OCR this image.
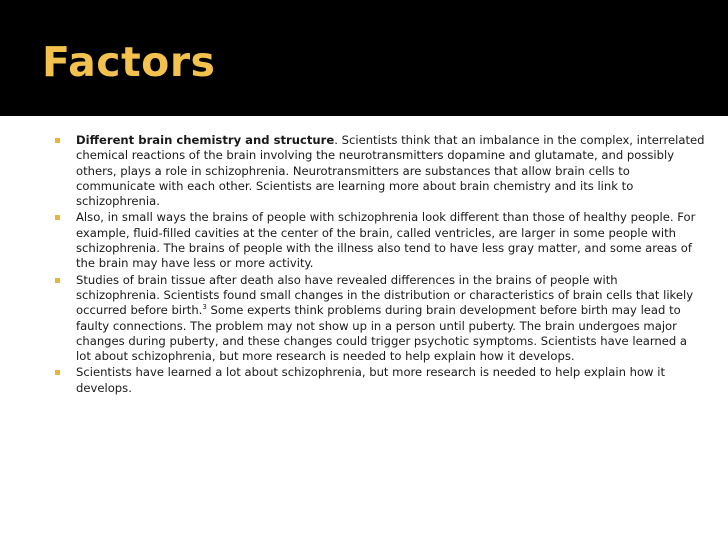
Factors
Different brain chemistry and structure. Scientists think that an imbalance in the complex, interrelated chemical reactions of the brain involving the neurotransmitters dopamine and glutamate, and possibly others, plays a role in schizophrenia. Neurotransmitters are substances that allow brain cells to communicate with each other. Scientists are learning more about brain chemistry and its link to schizophrenia.
Also, in small ways the brains of people with schizophrenia look different than those of healthy people. For example, fluid-filled cavities at the center of the brain, called ventricles, are larger in some people with schizophrenia. The brains of people with the illness also tend to have less gray matter, and some areas of the brain may have less or more activity.
Studies of brain tissue after death also have revealed differences in the brains of people with schizophrenia. Scientists found small changes in the distribution or characteristics of brain cells that likely occurred before birth.$^3$ Some experts think problems during brain development before birth may lead to faulty connections. The problem may not show up in a person until puberty. The brain undergoes major changes during puberty, and these changes could trigger psychotic symptoms. Scientists have learned a lot about schizophrenia, but more research is needed to help explain how it develops.
Scientists have learned a lot about schizophrenia, but more research is needed to help explain how it develops.
